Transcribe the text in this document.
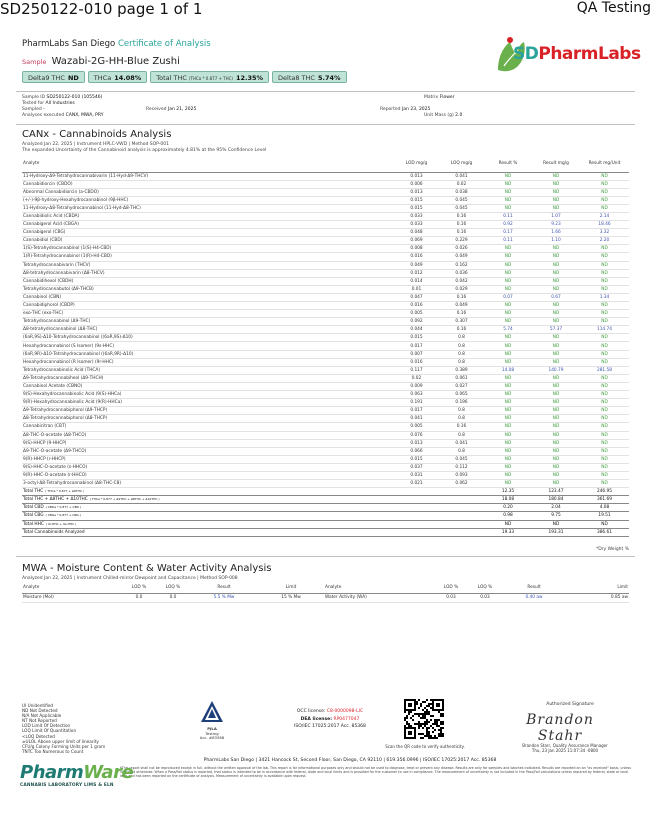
SD250122-010 page 1 of 1	QA Testing
PharmLabs San Diego Certificate of Analysis
Sample Wazabi-2G-HH-Blue Zushi
Delta9 THC ND	THCa 14.08%	Total THC (THCa * 0.877 + THC) 12.35%	Delta8 THC 5.74%
SDPharmLabs
Sample ID SD250122-010 (105546)
Tested for All Industries
Sampled -
Analyses executed CANX, MWA, PRY
Received Jan 21, 2025	Reported Jan 23, 2025
Matrix Flower
Unit Mass (g) 2.0
CANx - Cannabinoids Analysis
Analyzed Jan 22, 2025 | Instrument HPLC-VWD | Method SOP-001
The expanded Uncertainty of the Cannabinoid analysis is approximately 4.81% at the 95% Confidence Level
Analyte	LOD mg/g	LOQ mg/g	Result %	Result mg/g	Result mg/Unit
11-Hydroxy-Δ9-Tetrahydrocannabivarin (11-Hyd-Δ9-THCV)	0.013	0.041	ND	ND	ND
Cannabidiorcin (CBDO)	0.006	0.02	ND	ND	ND
Abnormal Cannabidiorcin (a-CBDO)	0.013	0.038	ND	ND	ND
(+/-)-9β-hydroxy-Hexahydrocannabinol (9β-HHC)	0.015	0.045	ND	ND	ND
11-Hydroxy-Δ8-Tetrahydrocannabinol (11-Hyd-Δ8-THC)	0.015	0.045	ND	ND	ND
Cannabidiolic Acid (CBDA)	0.033	0.16	0.11	1.07	2.14
Cannabigerol Acid (CBGA)	0.033	0.16	0.92	9.23	18.46
Cannabigerol (CBG)	0.048	0.16	0.17	1.66	3.32
Cannabidiol (CBD)	0.069	0.229	0.11	1.10	2.20
1(S)-Tetrahydrocannabinol (1(S)-H4-CBD)	0.008	0.026	ND	ND	ND
1(R)-Tetrahydrocannabinol (1(R)-H4-CBD)	0.016	0.049	ND	ND	ND
Tetrahydrocannabivarin (THCV)	0.049	0.162	ND	ND	ND
Δ8-tetrahydrocannabivarin (Δ8-THCV)	0.012	0.036	ND	ND	ND
Cannabidihexol (CBDH)	0.014	0.042	ND	ND	ND
Tetrahydrocannabutol (Δ9-THCB)	0.01	0.029	ND	ND	ND
Cannabinol (CBN)	0.047	0.16	0.07	0.67	1.34
Cannabidiphorol (CBDP)	0.016	0.049	ND	ND	ND
exo-THC (exo-THC)	0.005	0.16	ND	ND	ND
Tetrahydrocannabinol (Δ9-THC)	0.092	0.307	ND	ND	ND
Δ8-tetrahydrocannabinol (Δ8-THC)	0.044	0.16	5.74	57.37	114.74
(6aR,9S)-Δ10-Tetrahydrocannabinol ((6aR,9S)-Δ10)	0.015	0.8	ND	ND	ND
Hexahydrocannabinol (S Isomer) (9s-HHC)	0.017	0.8	ND	ND	ND
(6aR,9R)-Δ10-Tetrahydrocannabinol ((6aR,9R)-Δ10)	0.007	0.8	ND	ND	ND
Hexahydrocannabinol (R Isomer) (9r-HHC)	0.016	0.8	ND	ND	ND
Tetrahydrocannabinolic Acid (THCA)	0.117	0.389	14.08	140.79	281.58
Δ9-Tetrahydrocannabiheol (Δ9-THCH)	0.02	0.061	ND	ND	ND
Cannabinol Acetate (CBNO)	0.009	0.027	ND	ND	ND
9(S)-Hexahydrocannabinolic Acid (9(S)-HHCa)	0.063	0.065	ND	ND	ND
9(R)-Hexahydrocannabinolic Acid (9(R)-HHCa)	0.191	0.196	ND	ND	ND
Δ9-Tetrahydrocannabiphorol (Δ9-THCP)	0.017	0.8	ND	ND	ND
Δ8-Tetrahydrocannabiphorol (Δ8-THCP)	0.041	0.8	ND	ND	ND
Cannabicitran (CBT)	0.005	0.16	ND	ND	ND
Δ8-THC-O-acetate (Δ8-THCO)	0.076	0.8	ND	ND	ND
9(S)-HHCP (9-HHCP)	0.013	0.041	ND	ND	ND
Δ9-THC-O-acetate (Δ9-THCO)	0.066	0.8	ND	ND	ND
9(R)-HHCP (r-HHCP)	0.015	0.045	ND	ND	ND
9(S)-HHC-O-acetate (s-HHCO)	0.037	0.112	ND	ND	ND
9(R)-HHC-O-acetate (r-HHCO)	0.031	0.093	ND	ND	ND
3-octyl-Δ8-Tetrahydrocannabinol (Δ8-THC-C8)	0.021	0.062	ND	ND	ND
Total THC ( THCa * 0.877 + Δ9THC )			12.35	123.47	246.95
Total THC + Δ8THC + Δ10THC ( THCa * 0.877 + Δ9THC + Δ8THC + Δ10THC )			18.08	180.84	361.69
Total CBD ( CBDa * 0.877 + CBD )			0.20	2.04	4.08
Total CBG ( CBGa * 0.877 + CBG )			0.98	9.75	19.51
Total HHC ( 9r-HHC + 9s-HHC )			ND	ND	ND
Total Cannabinoids Analyzed			19.33	193.31	386.61
*Dry Weight %
MWA - Moisture Content & Water Activity Analysis
Analyzed Jan 22, 2025 | Instrument Chilled-mirror Dewpoint and Capacitance | Method SOP-008
Analyte	LOD %	LOQ %	Result	Limit	Analyte	LOD %	LOQ %	Result	Limit
Moisture (MoI)	0.0	0.0	5.5 % Mw	15 % Mw	Water Activity (WA)	0.03	0.03	0.40 aw	0.85 aw
UI Unidentified
ND Not Detected
N/A Not Applicable
NT Not Reported
LOD Limit Of Detection
LOQ Limit Of Quantitation
<LOQ Detected
≥ULOL Above upper limit of linearity
CFU/g Colony Forming Units per 1 gram
TNTC Too Numerous to Count
PJLA
Testing
Acc. #83368
OCC license: C8-0000098-LIC
DEA license: RP0477047
ISO/IEC 17025:2017 Acc. 85368
Scan the QR code to verify authenticity.
Authorized Signature
Brandon Stahr
Brandon Starr, Quality Assurance Manager
Thu, 23 Jan 2025 11:07:34 -0800
PharmLabs San Diego | 3421 Hancock St, Second Floor, San Diego, CA 92110 | 619.356.0996 | ISO/IEC 17025:2017 Acc. 85368
*This report shall not be reproduced except in full, without the written approval of the lab. This report is for informational purposes only and should not be used to diagnose, treat or prevent any disease. Results are only for samples and batches indicated. Results are reported on an "as received" basis, unless indicated otherwise. When a Pass/Fail status is reported, that status is intended to be in accordance with federal, state and local limits and is provided for the customer to use in compliance. The measurement of uncertainty is not included in the Pass/Fail calculations unless required by federal, state or local laws and has been reported on the certificate of analysis. Measurement of uncertainty is available upon request.
PharmWare
CANNABIS LABORATORY LIMS & ELN
